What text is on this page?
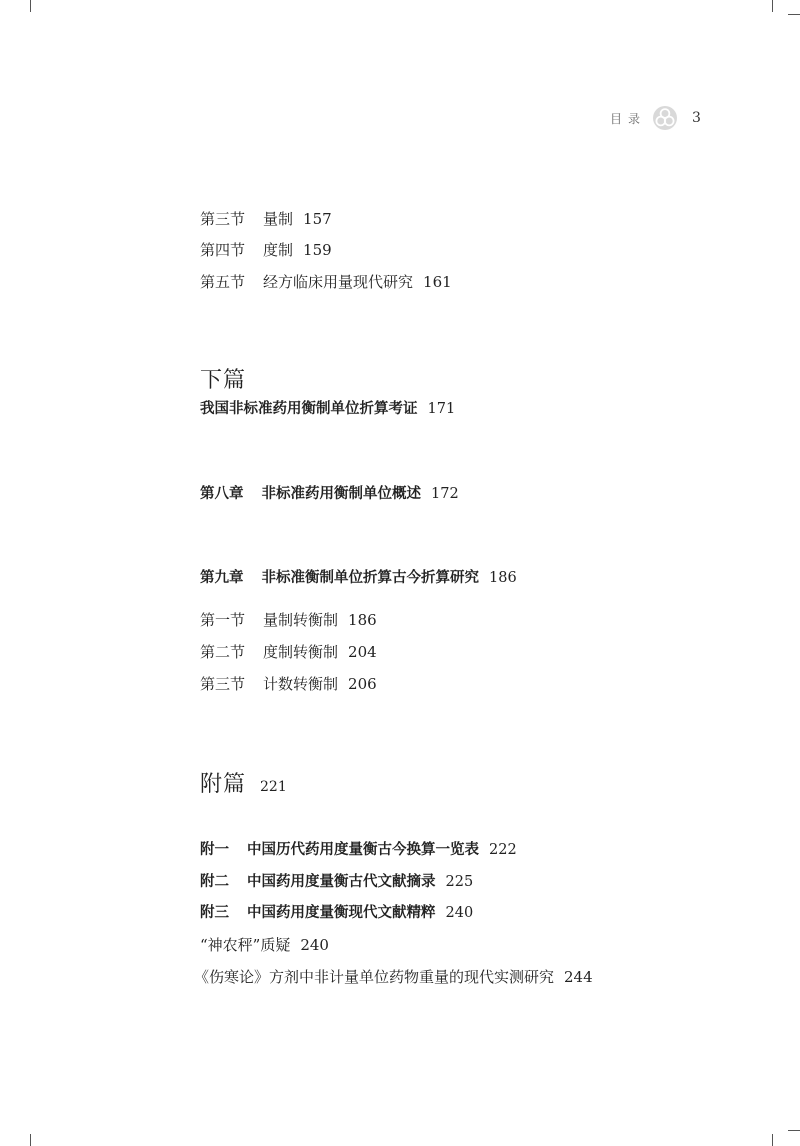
目录	3
第三节 量制 157
第四节 度制 159
第五节 经方临床用量现代研究 161
下篇
我国非标准药用衡制单位折算考证 171
第八章 非标准药用衡制单位概述 172
第九章 非标准衡制单位折算古今折算研究 186
第一节 量制转衡制 186
第二节 度制转衡制 204
第三节 计数转衡制 206
附篇 221
附一 中国历代药用度量衡古今换算一览表 222
附二 中国药用度量衡古代文献摘录 225
附三 中国药用度量衡现代文献精粹 240
“神农秤”质疑 240
《伤寒论》方剂中非计量单位药物重量的现代实测研究 244
